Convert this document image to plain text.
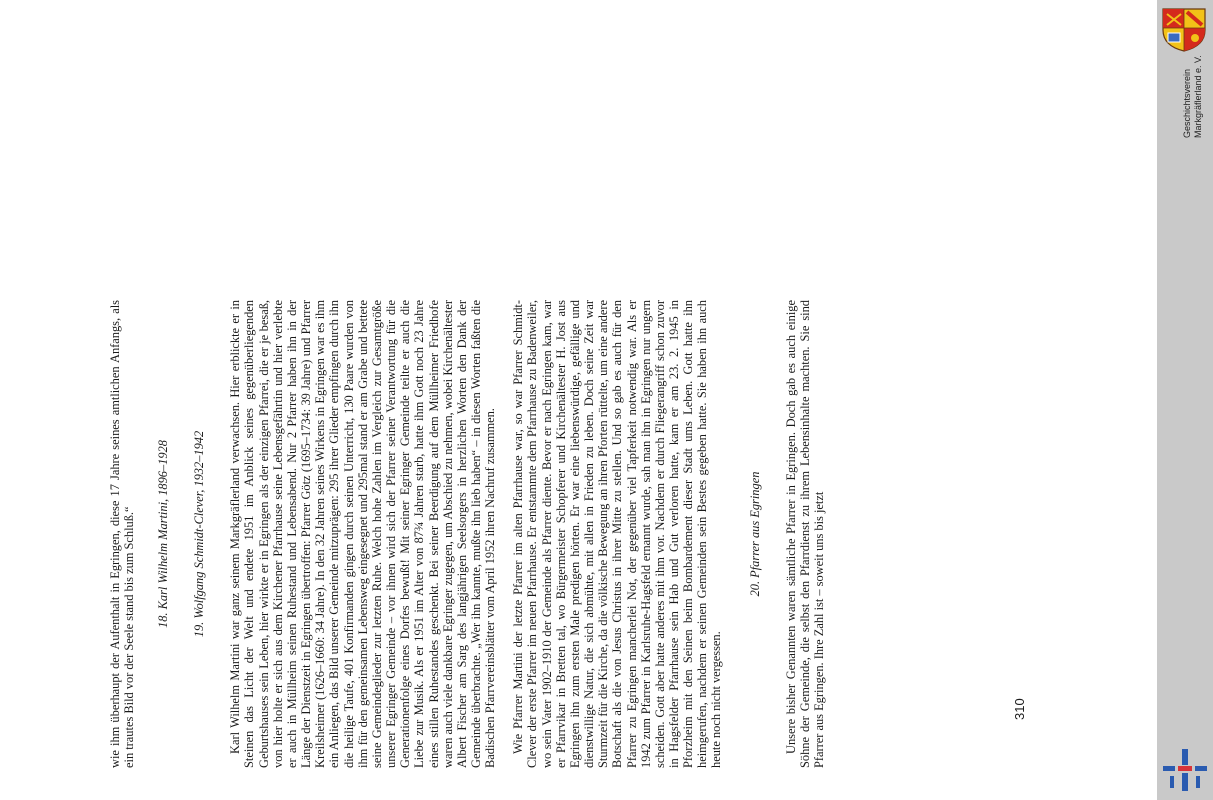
wie ihm überhaupt der Aufenthalt in Egringen, diese 17 Jahre seines amtlichen Anfangs, als ein trautes Bild vor der Seele stand bis zum Schluß.“ 18. Karl Wilhelm Martini, 1896–1928 19. Wolfgang Schmidt-Clever, 1932–1942 Karl Wilhelm Martini war ganz seinem Markgräflerland verwachsen. Hier erblickte er in Steinen das Licht der Welt und endete 1951 im Anblick seines gegenüberliegenden Geburtshauses sein Leben, hier wirkte er in Egringen als der einzigen Pfarrei, die er je besaß, von hier holte er sich aus dem Kirchener Pfarrhause seine Lebensgefährtin und hier verlebte er auch in Müllheim seinen Ruhestand und Lebensabend. Nur 2 Pfarrer haben ihn in der Länge der Dienstzeit in Egringen übertroffen: Pfarrer Götz (1695–1734: 39 Jahre) und Pfarrer Kreilsheimer (1626–1660: 34 Jahre). In den 32 Jahren seines Wirkens in Egringen war es ihm ein Anliegen, das Bild unserer Gemeinde mitzuprägen: 295 ihrer Glieder empfingen durch ihn die heilige Taufe, 401 Konfirmanden gingen durch seinen Unterricht, 130 Paare wurden von ihm für den gemeinsamen Lebensweg eingesegnet und 295mal stand er am Grabe und bettete seine Gemeindeglieder zur letzten Ruhe. Welch hohe Zahlen im Vergleich zur Gesamtgröße unserer Egringer Gemeinde – vor ihnen wird sich der Pfarrer seiner Verantwortung für die Generationenfolge eines Dorfes bewußt! Mit seiner Egringer Gemeinde teilte er auch die Liebe zur Musik. Als er 1951 im Alter von 87¾ Jahren starb, hatte ihm Gott noch 23 Jahre eines stillen Ruhestandes geschenkt. Bei seiner Beerdigung auf dem Müllheimer Friedhofe waren auch viele dankbare Egringer zugegen, um Abschied zu nehmen, wobei Kirchenältester Albert Fischer am Sarg des langjährigen Seelsorgers in herzlichen Worten den Dank der Gemeinde überbrachte. „Wer ihn kannte, mußte ihn lieb haben“ – in diesen Worten faßten die Badischen Pfarrvereinsblätter vom April 1952 ihren Nachruf zusammen. Wie Pfarrer Martini der letzte Pfarrer im alten Pfarrhause war, so war Pfarrer Schmidt-Clever der erste Pfarrer im neuen Pfarrhause. Er entstammte dem Pfarrhause zu Badenweiler, wo sein Vater 1902–1910 der Gemeinde als Pfarrer diente. Bevor er nach Egringen kam, war er Pfarrvikar in Bretten tal, wo Bürgermeister Schopferer und Kirchenältester H. Jost aus Egringen ihn zum ersten Male predigen hörten. Er war eine liebenswürdige, gefällige und dienstwillige Natur, die sich abmühte, mit allen in Frieden zu leben. Doch seine Zeit war Sturmzeit für die Kirche, da die völkische Bewegung an ihren Pforten rüttelte, um eine andere Botschaft als die von Jesus Christus in ihrer Mitte zu stellen. Und so gab es auch für den Pfarrer zu Egringen mancherlei Not, der gegenüber viel Tapferkeit notwendig war. Als er 1942 zum Pfarrer in Karlsruhe-Hagsfeld ernannt wurde, sah man ihn in Egringen nur ungern scheiden. Gott aber hatte anderes mit ihm vor. Nachdem er durch Fliegerangriff schon zuvor in Hagsfelder Pfarrhause sein Hab und Gut verloren hatte, kam er am 23. 2. 1945 in Pforzheim mit den Seinen beim Bombardement dieser Stadt ums Leben. Gott hatte ihn heimgerufen, nachdem er seinen Gemeinden sein Bestes gegeben hatte. Sie haben ihn auch heute noch nicht vergessen.

20. Pfarrer aus Egringen Unsere bisher Genannten waren sämtliche Pfarrer in Egringen. Doch gab es auch einige Söhne der Gemeinde, die selbst den Pfarrdienst zu ihrem Lebensinhalte machten. Sie sind Pfarrer aus Egringen. Ihre Zahl ist – soweit uns bis jetzt	310
Geschichtsverein Markgräflerland e. V.
